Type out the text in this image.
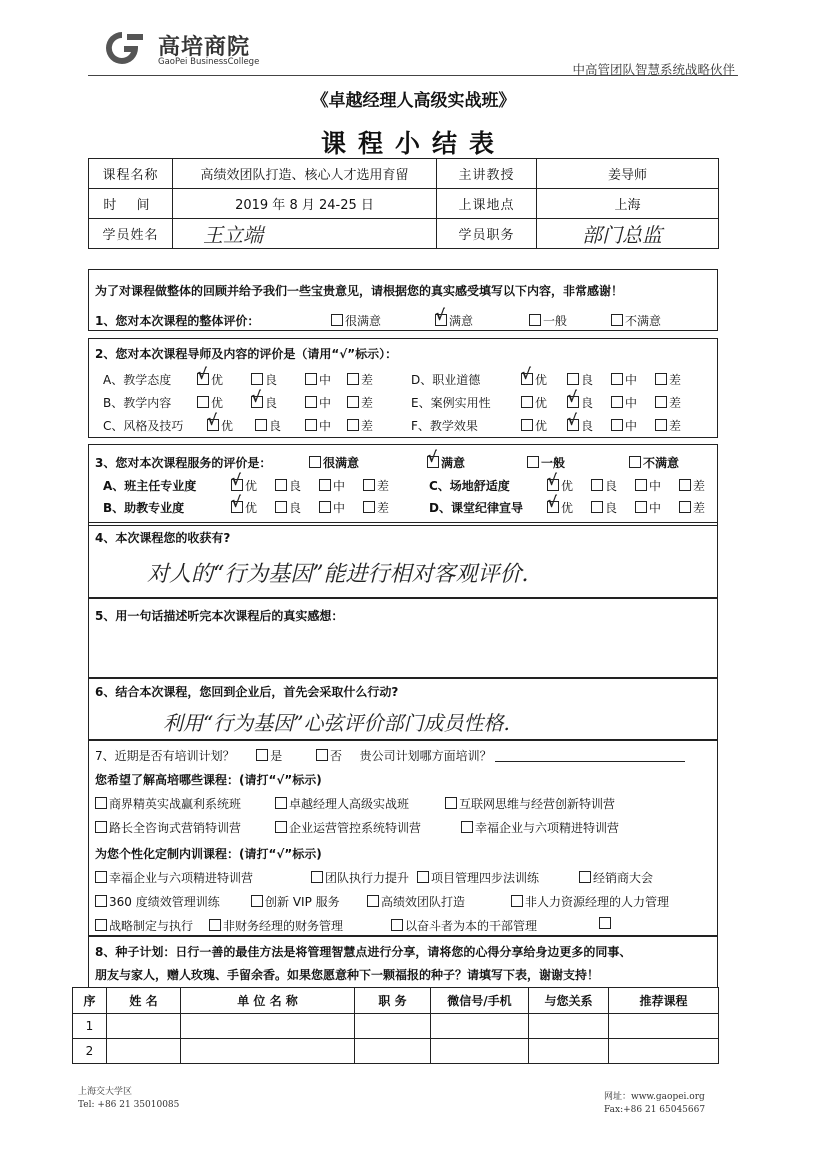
高培商院
GaoPei BusinessCollege	中高管团队智慧系统战略伙伴
《卓越经理人高级实战班》
课程小结表
课程名称	高绩效团队打造、核心人才选用育留	主讲教授	姜导师
时 间	2019 年 8 月 24-25 日	上课地点	上海
学员姓名	王立端	学员职务	部门总监
为了对课程做整体的回顾并给予我们一些宝贵意见，请根据您的真实感受填写以下内容，非常感谢！
1、您对本次课程的整体评价：	很满意	√ 满意	一般	不满意
2、您对本次课程导师及内容的评价是（请用“√”标示）：
A、教学态度 √ 优	良	中	差
B、教学内容	优 √ 良	中	差
C、风格及技巧 √ 优	良	中	差
D、职业道德	√ 优	良	中	差
E、案例实用性	优 √ 良	中	差
F、教学效果	优 √ 良	中	差
3、您对本次课程服务的评价是：	很满意	√ 满意	一般	不满意
A、班主任专业度 √ 优	良	中	差
B、助教专业度	√ 优	良	中	差
C、场地舒适度 √ 优	良	中	差
D、课堂纪律宣导 √ 优	良	中	差
4、本次课程您的收获有?
对人的“行为基因”能进行相对客观评价.
5、用一句话描述听完本次课程后的真实感想：
6、结合本次课程，您回到企业后，首先会采取什么行动?
利用“行为基因”心弦评价部门成员性格.
7、近期是否有培训计划？	是	否 贵公司计划哪方面培训？
您希望了解高培哪些课程：(请打“√”标示)
为您个性化定制内训课程：(请打“√”标示)
商界精英实战赢利系统班	卓越经理人高级实战班	互联网思维与经营创新特训营
路长全咨询式营销特训营	企业运营管控系统特训营	幸福企业与六项精进特训营
幸福企业与六项精进特训营	团队执行力提升	项目管理四步法训练	经销商大会
360 度绩效管理训练	创新 VIP 服务	高绩效团队打造	非人力资源经理的人力管理
战略制定与执行	非财务经理的财务管理	以奋斗者为本的干部管理
8、种子计划：日行一善的最佳方法是将管理智慧点进行分享，请将您的心得分享给身边更多的同事、
朋友与家人，赠人玫瑰、手留余香。如果您愿意种下一颗福报的种子？请填写下表，谢谢支持！
序	姓 名	单 位 名 称	职 务	微信号/手机	与您关系	推荐课程
1						
2						
上海交大学区
Tel: +86 21 35010085
网址：www.gaopei.org
Fax:+86 21 65045667
